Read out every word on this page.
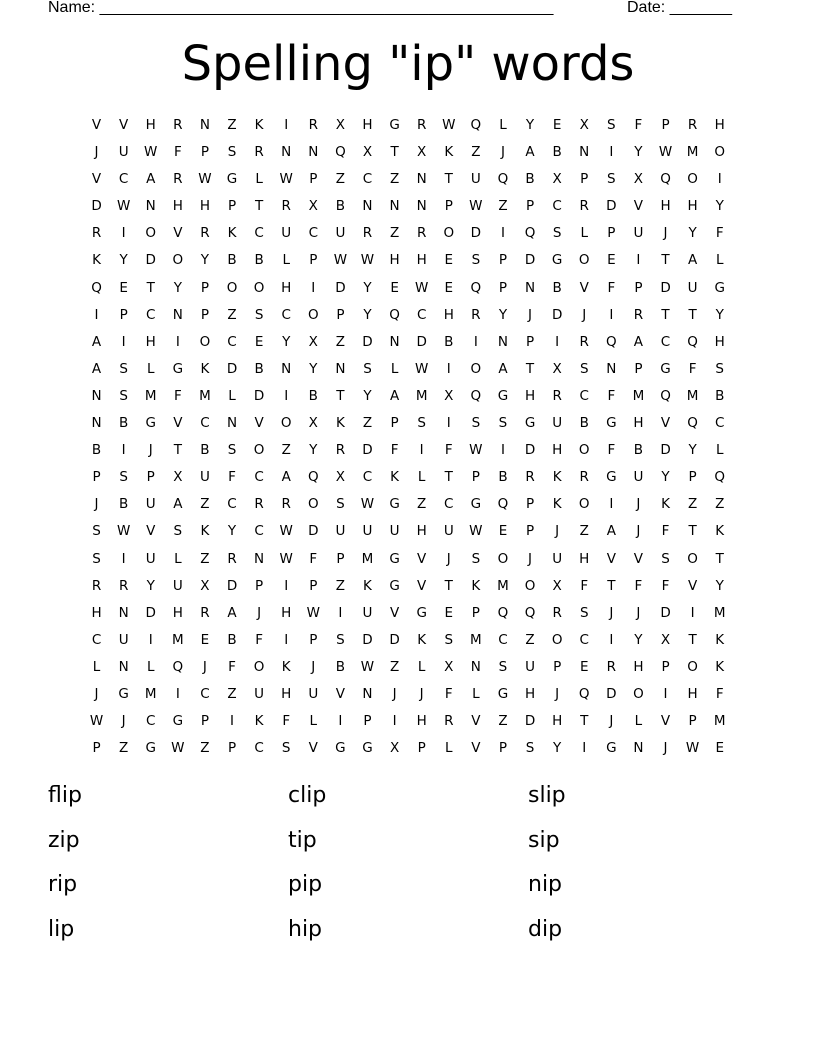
Name: ___________________________________________________	Date: _______
Spelling "ip" words
V	V	H	R	N	Z	K	I	R	X	H	G	R	W	Q	L	Y	E	X	S	F	P	R	H
J	U	W	F	P	S	R	N	N	Q	X	T	X	K	Z	J	A	B	N	I	Y	W	M	O
V	C	A	R	W	G	L	W	P	Z	C	Z	N	T	U	Q	B	X	P	S	X	Q	O	I
D	W	N	H	H	P	T	R	X	B	N	N	N	P	W	Z	P	C	R	D	V	H	H	Y
R	I	O	V	R	K	C	U	C	U	R	Z	R	O	D	I	Q	S	L	P	U	J	Y	F
K	Y	D	O	Y	B	B	L	P	W	W	H	H	E	S	P	D	G	O	E	I	T	A	L
Q	E	T	Y	P	O	O	H	I	D	Y	E	W	E	Q	P	N	B	V	F	P	D	U	G
I	P	C	N	P	Z	S	C	O	P	Y	Q	C	H	R	Y	J	D	J	I	R	T	T	Y
A	I	H	I	O	C	E	Y	X	Z	D	N	D	B	I	N	P	I	R	Q	A	C	Q	H
A	S	L	G	K	D	B	N	Y	N	S	L	W	I	O	A	T	X	S	N	P	G	F	S
N	S	M	F	M	L	D	I	B	T	Y	A	M	X	Q	G	H	R	C	F	M	Q	M	B
N	B	G	V	C	N	V	O	X	K	Z	P	S	I	S	S	G	U	B	G	H	V	Q	C
B	I	J	T	B	S	O	Z	Y	R	D	F	I	F	W	I	D	H	O	F	B	D	Y	L
P	S	P	X	U	F	C	A	Q	X	C	K	L	T	P	B	R	K	R	G	U	Y	P	Q
J	B	U	A	Z	C	R	R	O	S	W	G	Z	C	G	Q	P	K	O	I	J	K	Z	Z
S	W	V	S	K	Y	C	W	D	U	U	U	H	U	W	E	P	J	Z	A	J	F	T	K
S	I	U	L	Z	R	N	W	F	P	M	G	V	J	S	O	J	U	H	V	V	S	O	T
R	R	Y	U	X	D	P	I	P	Z	K	G	V	T	K	M	O	X	F	T	F	F	V	Y
H	N	D	H	R	A	J	H	W	I	U	V	G	E	P	Q	Q	R	S	J	J	D	I	M
C	U	I	M	E	B	F	I	P	S	D	D	K	S	M	C	Z	O	C	I	Y	X	T	K
L	N	L	Q	J	F	O	K	J	B	W	Z	L	X	N	S	U	P	E	R	H	P	O	K
J	G	M	I	C	Z	U	H	U	V	N	J	J	F	L	G	H	J	Q	D	O	I	H	F
W	J	C	G	P	I	K	F	L	I	P	I	H	R	V	Z	D	H	T	J	L	V	P	M
P	Z	G	W	Z	P	C	S	V	G	G	X	P	L	V	P	S	Y	I	G	N	J	W	E
flip	clip	slip
zip	tip	sip
rip	pip	nip
lip	hip	dip
